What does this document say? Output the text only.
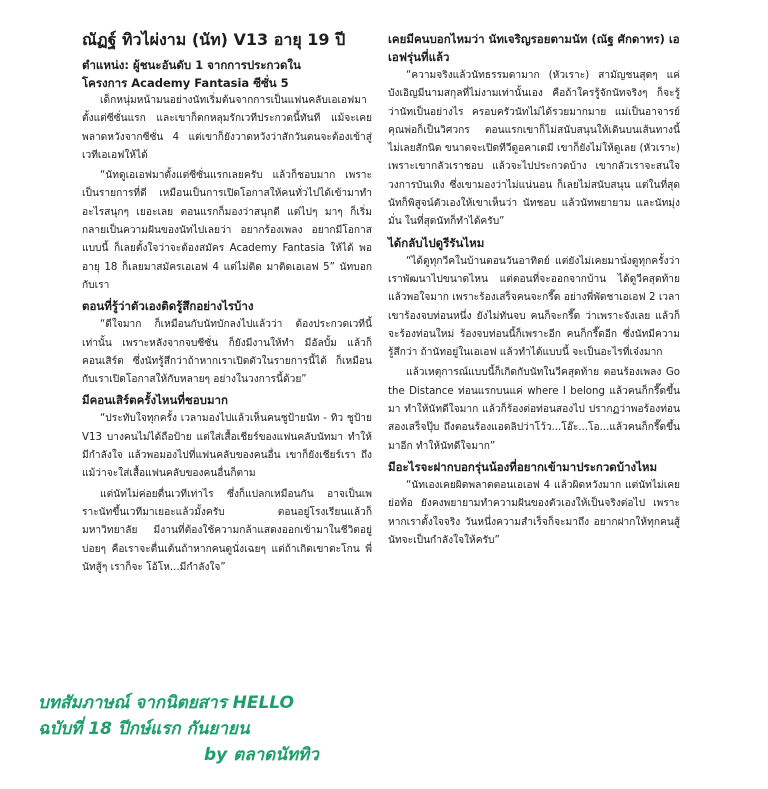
ณัฏฐ์ ทิวไผ่งาม (นัท) V13 อายุ 19 ปี
ตำแหน่ง: ผู้ชนะอันดับ 1 จากการประกวดใน
โครงการ Academy Fantasia ซีซั่น 5
เด็กหนุ่มหน้ามนอย่างนัทเริ่มต้นจากการเป็นแฟนคลับเอเอฟมาตั้งแต่ซีซั่นแรก และเขาก็ตกหลุมรักเวทีประกวดนี้ทันที แม้จะเคยพลาดหวังจากซีซั่น 4 แต่เขาก็ยังวาดหวังว่าสักวันตนจะต้องเข้าสู่เวทีเอเอฟให้ได้
“นัทดูเอเอฟมาตั้งแต่ซีซั่นแรกเลยครับ แล้วก็ชอบมาก เพราะเป็นรายการที่ดี เหมือนเป็นการเปิดโอกาสให้คนทั่วไปได้เข้ามาทำอะไรสนุกๆ เยอะเลย ตอนแรกก็มองว่าสนุกดี แต่ไปๆ มาๆ ก็เริ่มกลายเป็นความฝันของนัทไปเลยว่า อยากร้องเพลง อยากมีโอกาสแบบนี้ ก็เลยตั้งใจว่าจะต้องสมัคร Academy Fantasia ให้ได้ พออายุ 18 ก็เลยมาสมัครเอเอฟ 4 แต่ไม่ติด มาติดเอเอฟ 5” นัทบอกกับเรา
ตอนที่รู้ว่าตัวเองติดรู้สึกอย่างไรบ้าง
“ดีใจมาก ก็เหมือนกับนัทบักลงไปแล้วว่า ต้องประกวดเวทีนี้เท่านั้น เพราะหลังจากจบซีซั่น ก็ยังมีงานให้ทำ มีอัลบั้ม แล้วก็คอนเสิร์ต ซึ่งนัทรู้สึกว่าถ้าหากเราเปิดตัวในรายการนี้ได้ ก็เหมือนกับเราเปิดโอกาสให้กับหลายๆ อย่างในวงการนี้ด้วย”
มีคอนเสิร์ตครั้งไหนที่ชอบมาก
“ประทับใจทุกครั้ง เวลามองไปแล้วเห็นคนชูป้ายนัท - ทิว ชูป้าย V13 บางคนไม่ได้ถือป้าย แต่ใส่เสื้อเชียร์ของแฟนคลับนัทมา ทำให้มีกำลังใจ แล้วพอมองไปที่แฟนคลับของคนอื่น เขาก็ยังเชียร์เรา ถึงแม้ว่าจะใส่เสื้อแฟนคลับของคนอื่นก็ตาม
แต่นัทไม่ค่อยตื่นเวทีเท่าไร ซึ่งก็แปลกเหมือนกัน อาจเป็นเพราะนัทขึ้นเวทีมาเยอะแล้วมั้งครับ ตอนอยู่โรงเรียนแล้วก็มหาวิทยาลัย มีงานที่ต้องใช้ความกล้าแสดงออกเข้ามาในชีวิตอยู่บ่อยๆ คือเราจะตื่นเต้นถ้าหากคนดูนั่งเฉยๆ แต่ถ้าเกิดเขาตะโกน พี่นัทสู้ๆ เราก็จะ โอ้โห...มีกำลังใจ”
เคยมีคนบอกไหมว่า นัทเจริญรอยตามนัท (ณัฐ ศักดาทร) เอเอฟรุ่นที่แล้ว
“ความจริงแล้วนัทธรรมดามาก (หัวเราะ) สามัญชนสุดๆ แค่บังเอิญมีนามสกุลที่ไม่งามเท่านั้นเอง คือถ้าใครรู้จักนัทจริงๆ ก็จะรู้ว่านัทเป็นอย่างไร ครอบครัวนัทไม่ได้รวยมากมาย แม่เป็นอาจารย์ คุณพ่อก็เป็นวิศวกร ตอนแรกเขาก็ไม่สนับสนุนให้เดินบนเส้นทางนี้ ไม่เลยสักนิด ขนาดจะเปิดทีวีดูอคาเดมี เขาก็ยังไม่ให้ดูเลย (หัวเราะ) เพราะเขากลัวเราชอบ แล้วจะไปประกวดบ้าง เขากลัวเราจะสนใจวงการบันเทิง ซึ่งเขามองว่าไม่แน่นอน ก็เลยไม่สนับสนุน แต่ในที่สุดนัทก็พิสูจน์ตัวเองให้เขาเห็นว่า นัทชอบ แล้วนัทพยายาม และนัทมุ่งมั่น ในที่สุดนัทก็ทำได้ครับ”
ได้กลับไปดูรีรันไหม
“ได้ดูทุกวีคในบ้านตอนวันอาทิตย์ แต่ยังไม่เคยมานั่งดูทุกครั้งว่า เราพัฒนาไปขนาดไหน แต่ตอนที่จะออกจากบ้าน ได้ดูวีคสุดท้ายแล้วพอใจมาก เพราะร้องเสร็จคนจะกรี๊ด อย่างพี่พัดชาเอเอฟ 2 เวลาเขาร้องจบท่อนหนึ่ง ยังไม่ทันจบ คนก็จะกรี๊ด ว่าเพราะจังเลย แล้วก็จะร้องท่อนใหม่ ร้องจบท่อนนี้ก็เพราะอีก คนก็กรี๊ดอีก ซึ่งนัทมีความรู้สึกว่า ถ้านัทอยู่ในเอเอฟ แล้วทำได้แบบนี้ จะเป็นอะไรที่เจ๋งมาก
แล้วเหตุการณ์แบบนี้ก็เกิดกับนัทในวีคสุดท้าย ตอนร้องเพลง Go the Distance ท่อนแรกบนแค่ where I belong แล้วคนก็กรี๊ดขึ้นมา ทำให้นัทดีใจมาก แล้วก็ร้องต่อท่อนสองไป ปรากฏว่าพอร้องท่อนสองเสร็จปุ๊บ ถึงตอนร้องแอดลิปว่าโว้ว...โอ๊ะ...โอ...แล้วคนก็กรี๊ดขึ้นมาอีก ทำให้นัทดีใจมาก”
มีอะไรจะฝากบอกรุ่นน้องที่อยากเข้ามาประกวดบ้างไหม
“นัทเองเคยผิดพลาดตอนเอเอฟ 4 แล้วผิดหวังมาก แต่นัทไม่เคยย่อท้อ ยังคงพยายามทำความฝันของตัวเองให้เป็นจริงต่อไป เพราะหากเราตั้งใจจริง วันหนึ่งความสำเร็จก็จะมาถึง อยากฝากให้ทุกคนสู้ นัทจะเป็นกำลังใจให้ครับ”
บทสัมภาษณ์ จากนิตยสาร HELLO
ฉบับที่ 18 ปีกษ์แรก กันยายน
by ตลาดนัททิว
